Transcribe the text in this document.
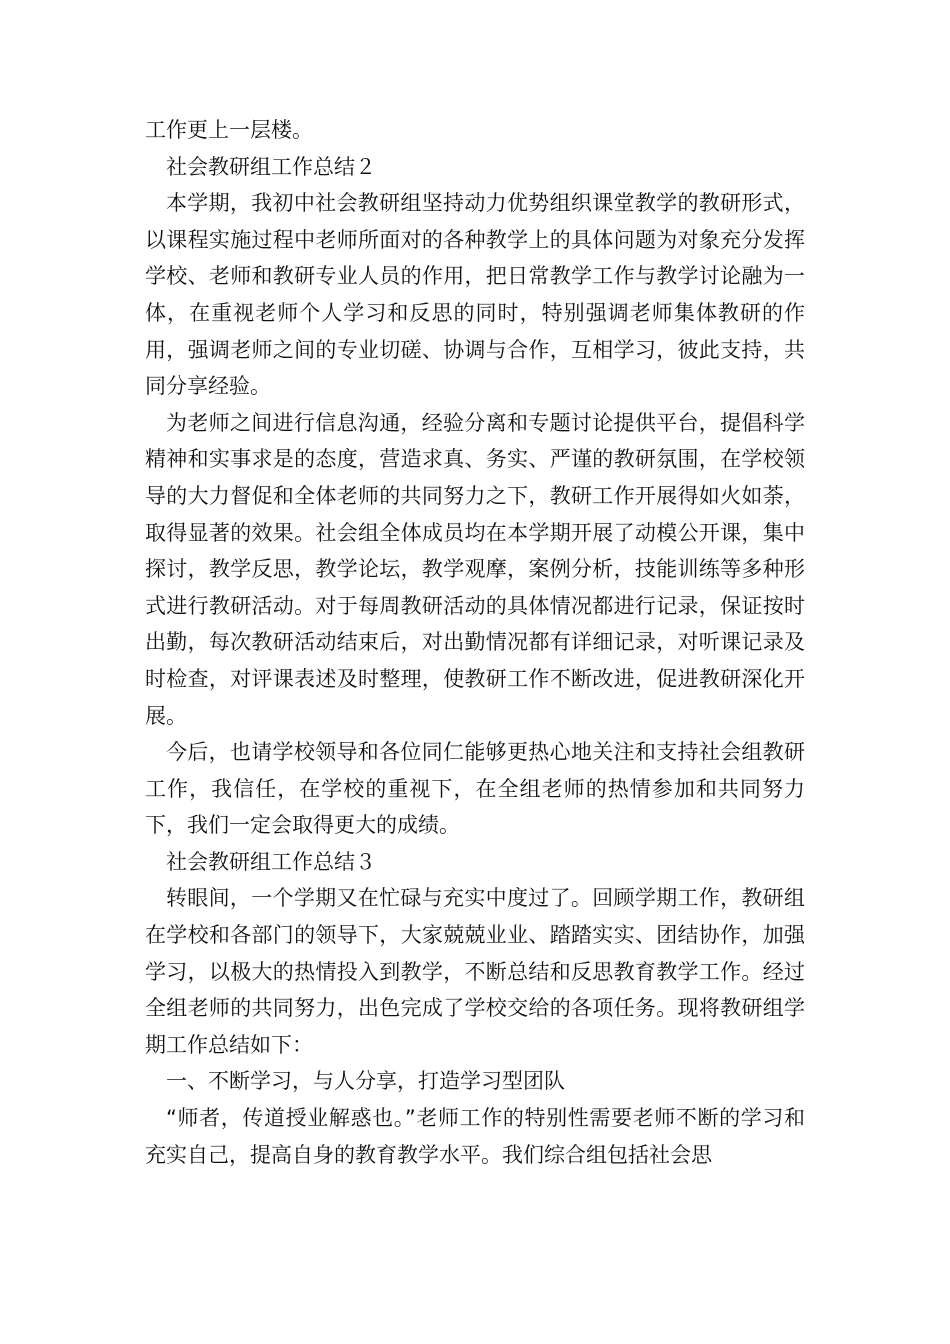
工作更上一层楼。

社会教研组工作总结２

本学期，我初中社会教研组坚持动力优势组织课堂教学的教研形式，以课程实施过程中老师所面对的各种教学上的具体问题为对象充分发挥学校、老师和教研专业人员的作用，把日常教学工作与教学讨论融为一体，在重视老师个人学习和反思的同时，特别强调老师集体教研的作用，强调老师之间的专业切磋、协调与合作，互相学习，彼此支持，共同分享经验。

为老师之间进行信息沟通，经验分离和专题讨论提供平台，提倡科学精神和实事求是的态度，营造求真、务实、严谨的教研氛围，在学校领导的大力督促和全体老师的共同努力之下，教研工作开展得如火如荼，取得显著的效果。社会组全体成员均在本学期开展了动模公开课，集中探讨，教学反思，教学论坛，教学观摩，案例分析，技能训练等多种形式进行教研活动。对于每周教研活动的具体情况都进行记录，保证按时出勤，每次教研活动结束后，对出勤情况都有详细记录，对听课记录及时检查，对评课表述及时整理，使教研工作不断改进，促进教研深化开展。

今后，也请学校领导和各位同仁能够更热心地关注和支持社会组教研工作，我信任，在学校的重视下，在全组老师的热情参加和共同努力下，我们一定会取得更大的成绩。

社会教研组工作总结３

转眼间，一个学期又在忙碌与充实中度过了。回顾学期工作，教研组在学校和各部门的领导下，大家兢兢业业、踏踏实实、团结协作，加强学习，以极大的热情投入到教学，不断总结和反思教育教学工作。经过全组老师的共同努力，出色完成了学校交给的各项任务。现将教研组学期工作总结如下：

一、不断学习，与人分享，打造学习型团队

“师者，传道授业解惑也。”老师工作的特别性需要老师不断的学习和充实自己，提高自身的教育教学水平。我们综合组包括社会思
